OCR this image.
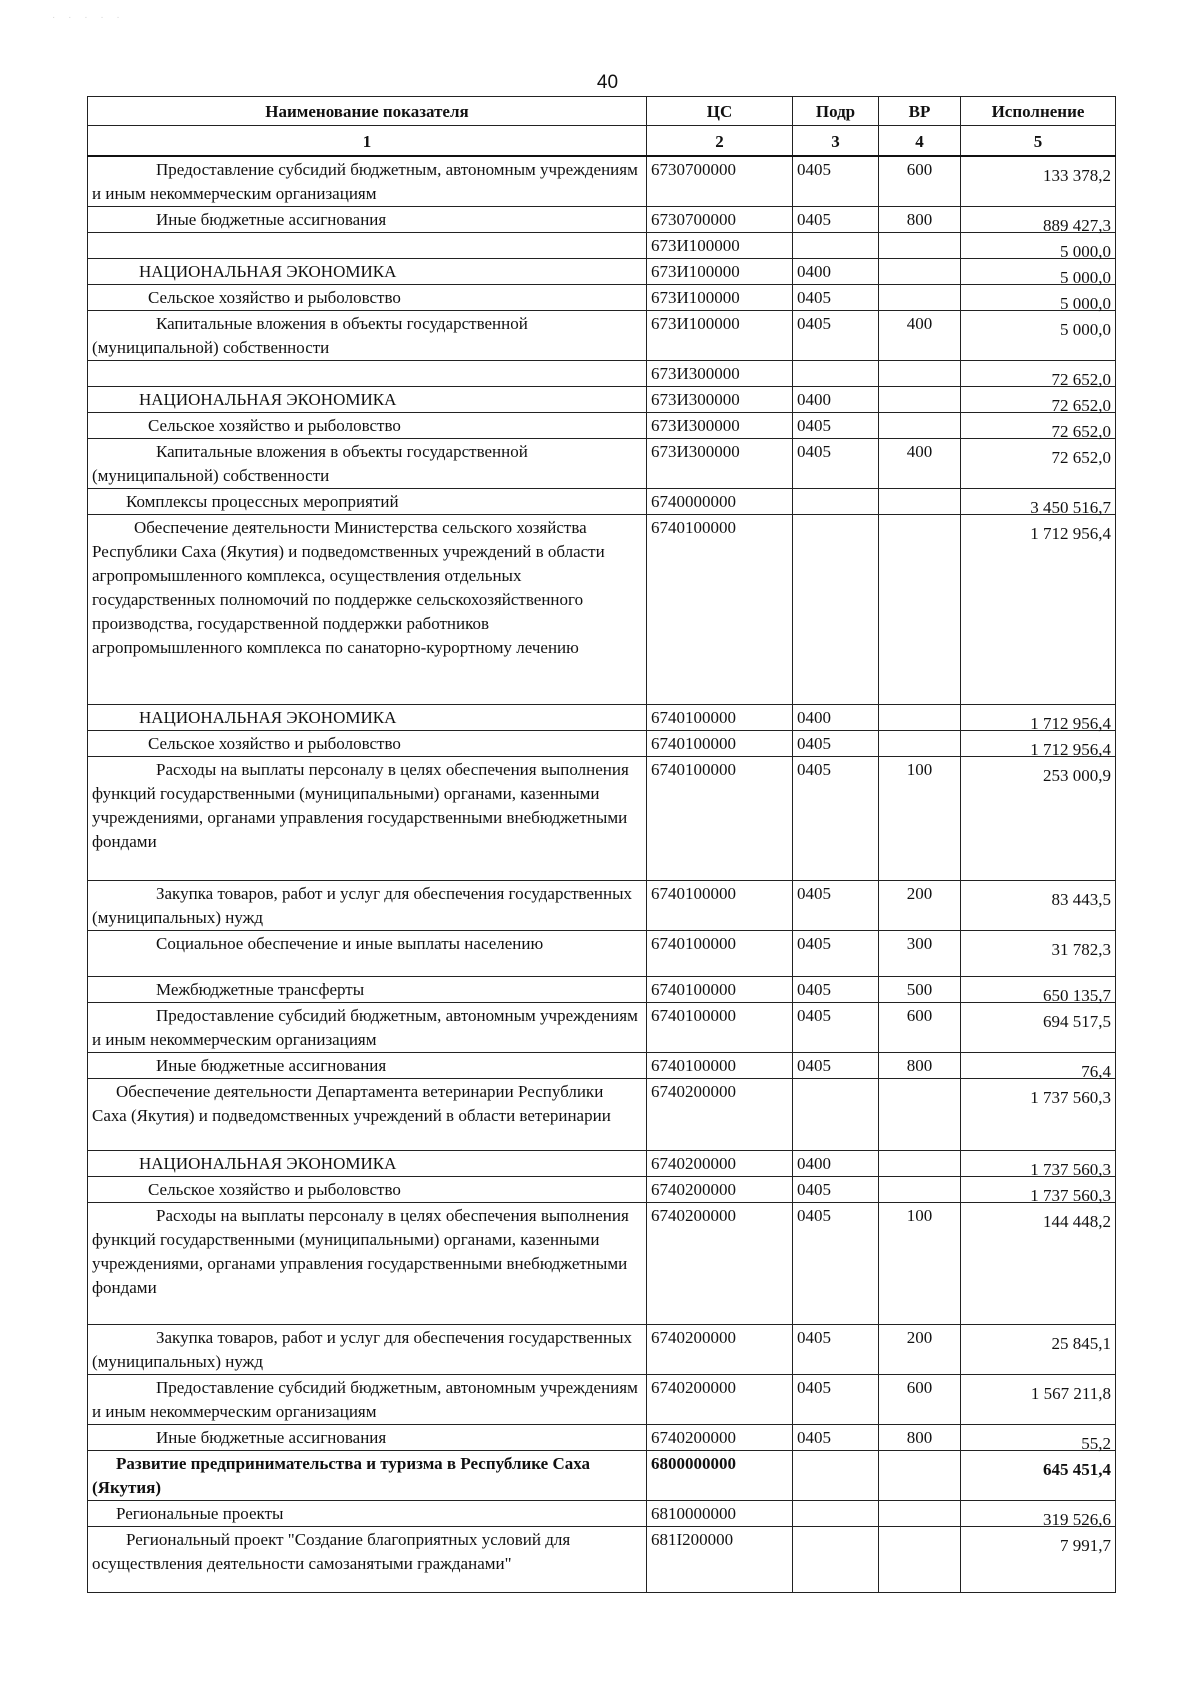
· · · · ·
40
Наименование показателя	ЦС	Подр	ВР	Исполнение
1	2	3	4	5
Предоставление субсидий бюджетным, автономным учреждениям и иным некоммерческим организациям	6730700000	0405	600	133 378,2
Иные бюджетные ассигнования	6730700000	0405	800	889 427,3
	673И100000			5 000,0
НАЦИОНАЛЬНАЯ ЭКОНОМИКА	673И100000	0400		5 000,0
Сельское хозяйство и рыболовство	673И100000	0405		5 000,0
Капитальные вложения в объекты государственной (муниципальной) собственности	673И100000	0405	400	5 000,0
	673И300000			72 652,0
НАЦИОНАЛЬНАЯ ЭКОНОМИКА	673И300000	0400		72 652,0
Сельское хозяйство и рыболовство	673И300000	0405		72 652,0
Капитальные вложения в объекты государственной (муниципальной) собственности	673И300000	0405	400	72 652,0
Комплексы процессных мероприятий	6740000000			3 450 516,7
Обеспечение деятельности Министерства сельского хозяйства Республики Саха (Якутия) и подведомственных учреждений в области агропромышленного комплекса, осуществления отдельных государственных полномочий по поддержке сельскохозяйственного производства, государственной поддержки работников агропромышленного комплекса по санаторно-курортному лечению	6740100000			1 712 956,4
НАЦИОНАЛЬНАЯ ЭКОНОМИКА	6740100000	0400		1 712 956,4
Сельское хозяйство и рыболовство	6740100000	0405		1 712 956,4
Расходы на выплаты персоналу в целях обеспечения выполнения функций государственными (муниципальными) органами, казенными учреждениями, органами управления государственными внебюджетными фондами	6740100000	0405	100	253 000,9
Закупка товаров, работ и услуг для обеспечения государственных (муниципальных) нужд	6740100000	0405	200	83 443,5
Социальное обеспечение и иные выплаты населению	6740100000	0405	300	31 782,3
Межбюджетные трансферты	6740100000	0405	500	650 135,7
Предоставление субсидий бюджетным, автономным учреждениям и иным некоммерческим организациям	6740100000	0405	600	694 517,5
Иные бюджетные ассигнования	6740100000	0405	800	76,4
Обеспечение деятельности Департамента ветеринарии Республики Саха (Якутия) и подведомственных учреждений в области ветеринарии	6740200000			1 737 560,3
НАЦИОНАЛЬНАЯ ЭКОНОМИКА	6740200000	0400		1 737 560,3
Сельское хозяйство и рыболовство	6740200000	0405		1 737 560,3
Расходы на выплаты персоналу в целях обеспечения выполнения функций государственными (муниципальными) органами, казенными учреждениями, органами управления государственными внебюджетными фондами	6740200000	0405	100	144 448,2
Закупка товаров, работ и услуг для обеспечения государственных (муниципальных) нужд	6740200000	0405	200	25 845,1
Предоставление субсидий бюджетным, автономным учреждениям и иным некоммерческим организациям	6740200000	0405	600	1 567 211,8
Иные бюджетные ассигнования	6740200000	0405	800	55,2
Развитие предпринимательства и туризма в Республике Саха (Якутия)	6800000000			645 451,4
Региональные проекты	6810000000			319 526,6
Региональный проект "Создание благоприятных условий для осуществления деятельности самозанятыми гражданами"	681I200000			7 991,7
